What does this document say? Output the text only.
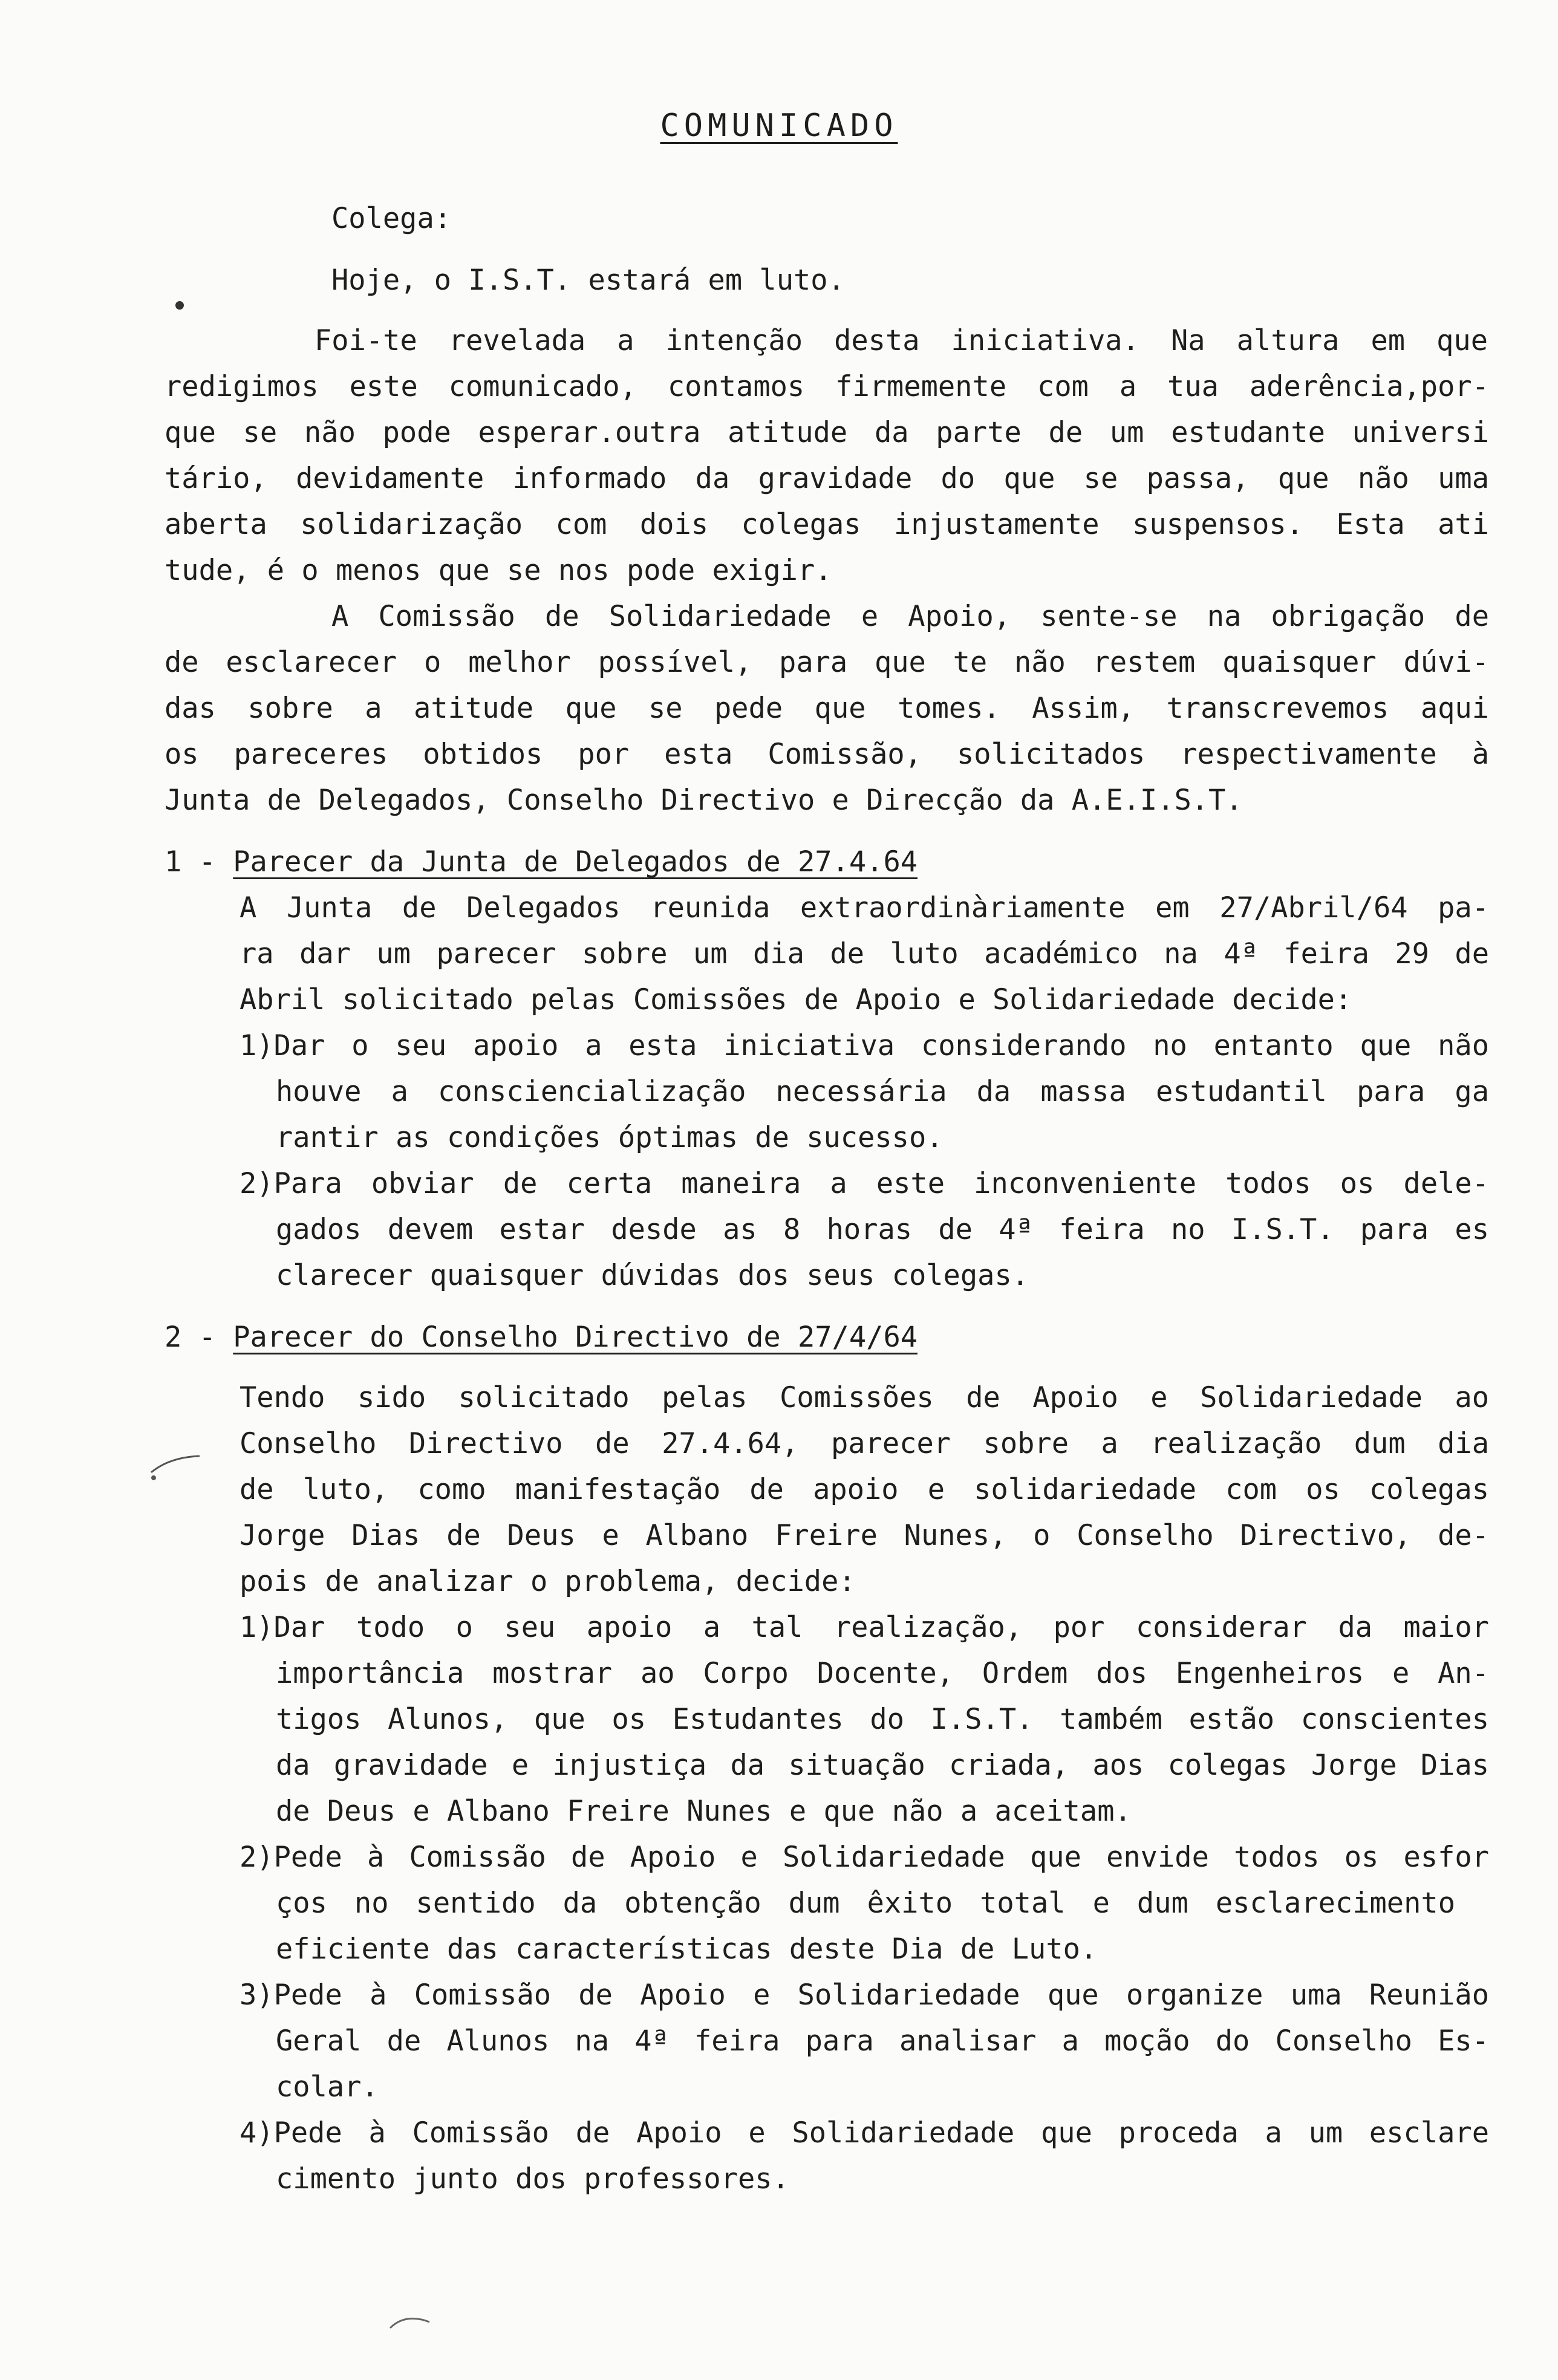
COMUNICADO
Colega:
Hoje, o I.S.T. estará em luto.
Foi-te revelada a intenção desta iniciativa. Na altura em que
redigimos este comunicado, contamos firmemente com a tua aderência,por-
que se não pode esperar.outra atitude da parte de um estudante universi
tário, devidamente informado da gravidade do que se passa, que não uma
aberta solidarização com dois colegas injustamente suspensos. Esta ati
tude, é o menos que se nos pode exigir.
A Comissão de Solidariedade e Apoio, sente-se na obrigação de
de esclarecer o melhor possível, para que te não restem quaisquer dúvi-
das sobre a atitude que se pede que tomes. Assim, transcrevemos aqui
os pareceres obtidos por esta Comissão, solicitados respectivamente à
Junta de Delegados, Conselho Directivo e Direcção da A.E.I.S.T.
1 - Parecer da Junta de Delegados de 27.4.64
A Junta de Delegados reunida extraordinàriamente em 27/Abril/64 pa-
ra dar um parecer sobre um dia de luto académico na 4ª feira 29 de
Abril solicitado pelas Comissões de Apoio e Solidariedade decide:
1)Dar o seu apoio a esta iniciativa considerando no entanto que não
houve a consciencialização necessária da massa estudantil para ga
rantir as condições óptimas de sucesso.
2)Para obviar de certa maneira a este inconveniente todos os dele-
gados devem estar desde as 8 horas de 4ª feira no I.S.T. para es
clarecer quaisquer dúvidas dos seus colegas.
2 - Parecer do Conselho Directivo de 27/4/64
Tendo sido solicitado pelas Comissões de Apoio e Solidariedade ao
Conselho Directivo de 27.4.64, parecer sobre a realização dum dia
de luto, como manifestação de apoio e solidariedade com os colegas
Jorge Dias de Deus e Albano Freire Nunes, o Conselho Directivo, de-
pois de analizar o problema, decide:
1)Dar todo o seu apoio a tal realização, por considerar da maior
importância mostrar ao Corpo Docente, Ordem dos Engenheiros e An-
tigos Alunos, que os Estudantes do I.S.T. também estão conscientes
da gravidade e injustiça da situação criada, aos colegas Jorge Dias
de Deus e Albano Freire Nunes e que não a aceitam.
2)Pede à Comissão de Apoio e Solidariedade que envide todos os esfor
ços no sentido da obtenção dum êxito total e dum esclarecimento
eficiente das características deste Dia de Luto.
3)Pede à Comissão de Apoio e Solidariedade que organize uma Reunião
Geral de Alunos na 4ª feira para analisar a moção do Conselho Es-
colar.
4)Pede à Comissão de Apoio e Solidariedade que proceda a um esclare
cimento junto dos professores.
